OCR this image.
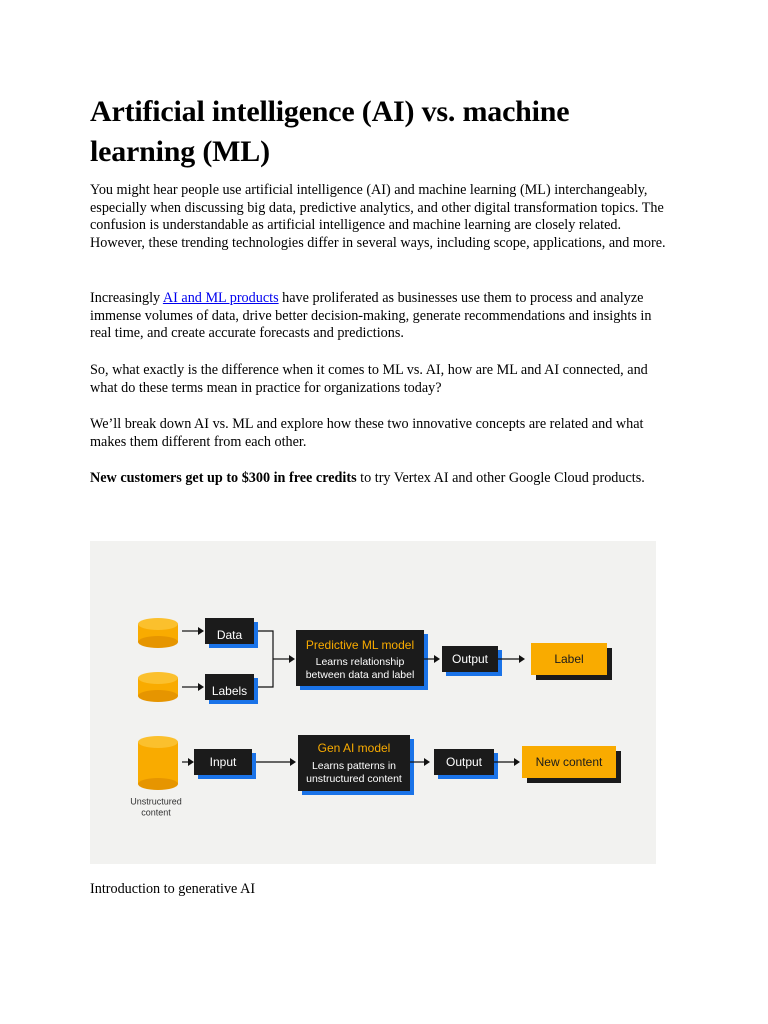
Artificial intelligence (AI) vs. machine learning (ML)

You might hear people use artificial intelligence (AI) and machine learning (ML) interchangeably, especially when discussing big data, predictive analytics, and other digital transformation topics. The confusion is understandable as artificial intelligence and machine learning are closely related. However, these trending technologies differ in several ways, including scope, applications, and more.

Increasingly AI and ML products have proliferated as businesses use them to process and analyze immense volumes of data, drive better decision-making, generate recommendations and insights in real time, and create accurate forecasts and predictions.

So, what exactly is the difference when it comes to ML vs. AI, how are ML and AI connected, and what do these terms mean in practice for organizations today?

We’ll break down AI vs. ML and explore how these two innovative concepts are related and what makes them different from each other.

New customers get up to $300 in free credits to try Vertex AI and other Google Cloud products.

Data
Labels
Predictive ML model
Learns relationship
between data and label
Output	Label
Unstructured
content
Input
Gen AI model
Learns patterns in
unstructured content
Output	New content

Introduction to generative AI
